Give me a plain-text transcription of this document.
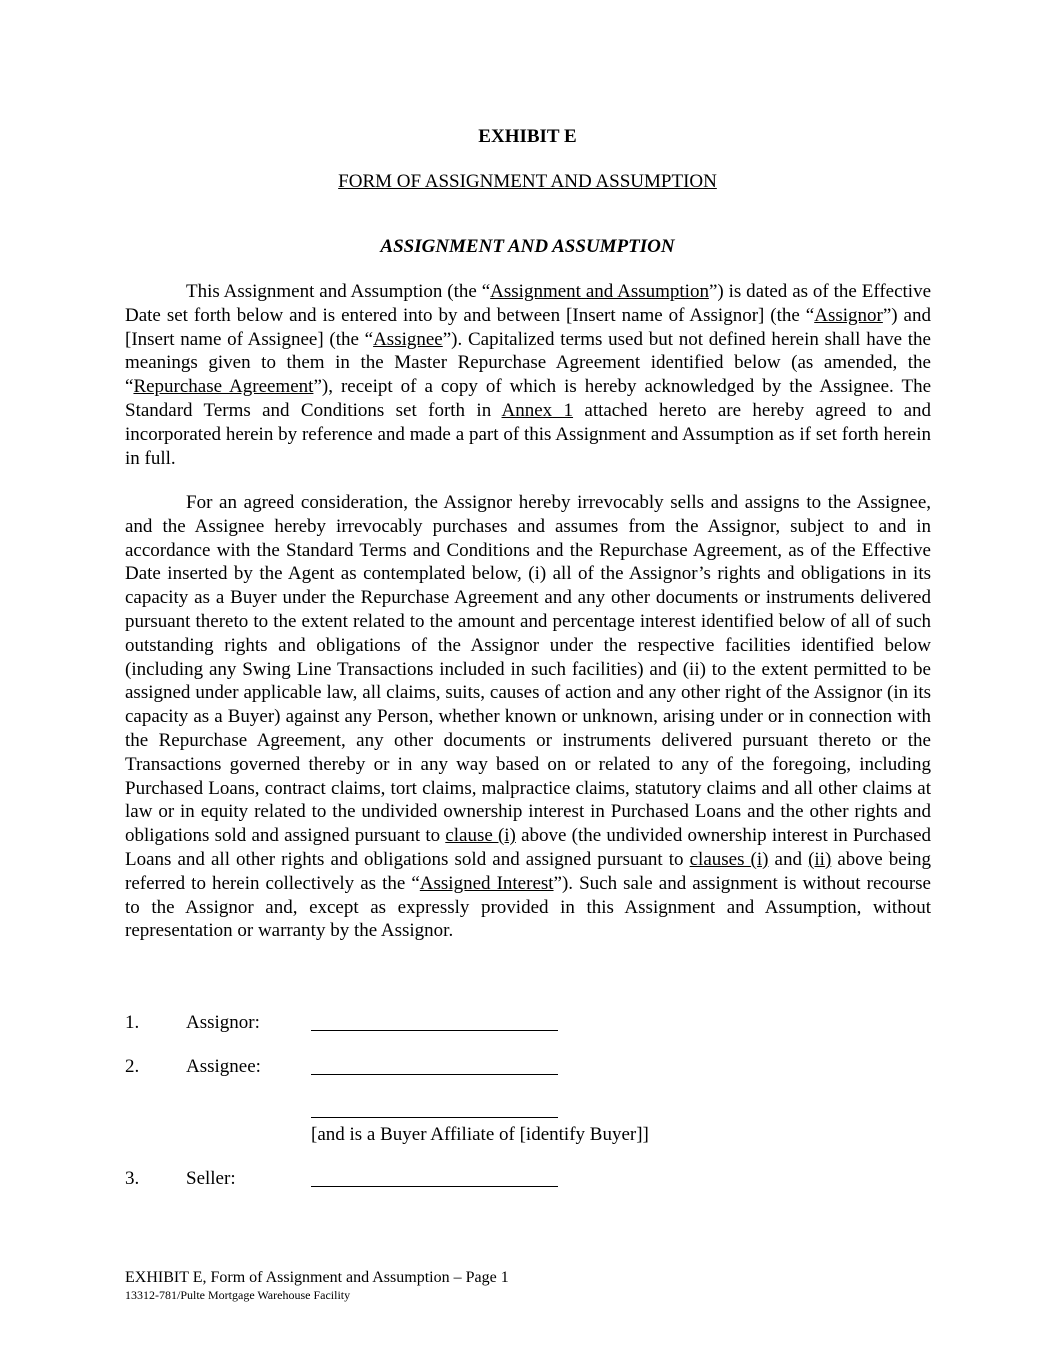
EXHIBIT E
FORM OF ASSIGNMENT AND ASSUMPTION
ASSIGNMENT AND ASSUMPTION

This Assignment and Assumption (the “Assignment and Assumption”) is dated as of the Effective Date set forth below and is entered into by and between [Insert name of Assignor] (the “Assignor”) and [Insert name of Assignee] (the “Assignee”). Capitalized terms used but not defined herein shall have the meanings given to them in the Master Repurchase Agreement identified below (as amended, the “Repurchase Agreement”), receipt of a copy of which is hereby acknowledged by the Assignee. The Standard Terms and Conditions set forth in Annex 1 attached hereto are hereby agreed to and incorporated herein by reference and made a part of this Assignment and Assumption as if set forth herein in full.

For an agreed consideration, the Assignor hereby irrevocably sells and assigns to the Assignee, and the Assignee hereby irrevocably purchases and assumes from the Assignor, subject to and in accordance with the Standard Terms and Conditions and the Repurchase Agreement, as of the Effective Date inserted by the Agent as contemplated below, (i) all of the Assignor’s rights and obligations in its capacity as a Buyer under the Repurchase Agreement and any other documents or instruments delivered pursuant thereto to the extent related to the amount and percentage interest identified below of all of such outstanding rights and obligations of the Assignor under the respective facilities identified below (including any Swing Line Transactions included in such facilities) and (ii) to the extent permitted to be assigned under applicable law, all claims, suits, causes of action and any other right of the Assignor (in its capacity as a Buyer) against any Person, whether known or unknown, arising under or in connection with the Repurchase Agreement, any other documents or instruments delivered pursuant thereto or the Transactions governed thereby or in any way based on or related to any of the foregoing, including Purchased Loans, contract claims, tort claims, malpractice claims, statutory claims and all other claims at law or in equity related to the undivided ownership interest in Purchased Loans and the other rights and obligations sold and assigned pursuant to clause (i) above (the undivided ownership interest in Purchased Loans and all other rights and obligations sold and assigned pursuant to clauses (i) and (ii) above being referred to herein collectively as the “Assigned Interest”). Such sale and assignment is without recourse to the Assignor and, except as expressly provided in this Assignment and Assumption, without representation or warranty by the Assignor.

1. Assignor:
2. Assignee:
[and is a Buyer Affiliate of [identify Buyer]]
3. Seller:
EXHIBIT E, Form of Assignment and Assumption – Page 1
13312-781/Pulte Mortgage Warehouse Facility
